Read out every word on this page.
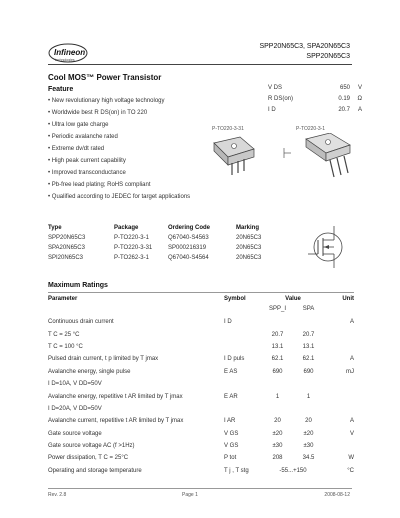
Infineon
technologies
SPP20N65C3, SPA20N65C3
SPP20N65C3
Cool MOS™ Power Transistor
Feature
• New revolutionary high voltage technology
• Worldwide best R DS(on) in TO 220
• Ultra low gate charge
• Periodic avalanche rated
• Extreme dv/dt rated
• High peak current capability
• Improved transconductance
• Pb-free lead plating; RoHS compliant
• Qualified according to JEDEC for target applications
V DS	650	V
R DS(on)	0.19	Ω
I D	20.7	A
P-TO220-3-31	P-TO220-3-1
Type	Package	Ordering Code	Marking
SPP20N65C3	P-TO220-3-1	Q67040-S4563	20N65C3
SPA20N65C3	P-TO220-3-31	SP000216319	20N65C3
SPI20N65C3	P-TO262-3-1	Q67040-S4564	20N65C3
Maximum Ratings
Parameter	Symbol	Value		Unit
		SPP_I	SPA	
Continuous drain current	I D			A
T C = 25 °C		20.7	20.7	
T C = 100 °C		13.1	13.1	
Pulsed drain current, t p limited by T jmax	I D puls	62.1	62.1	A
Avalanche energy, single pulse	E AS	690	690	mJ
I D=10A, V DD=50V				
Avalanche energy, repetitive t AR limited by T jmax	E AR	1	1	
I D=20A, V DD=50V				
Avalanche current, repetitive t AR limited by T jmax	I AR	20	20	A
Gate source voltage	V GS	±20	±20	V
Gate source voltage AC (f >1Hz)	V GS	±30	±30	
Power dissipation, T C = 25°C	P tot	208	34.5	W
Operating and storage temperature	T j , T stg	-55...+150		°C
Rev. 2.8	Page 1	2008-08-12
